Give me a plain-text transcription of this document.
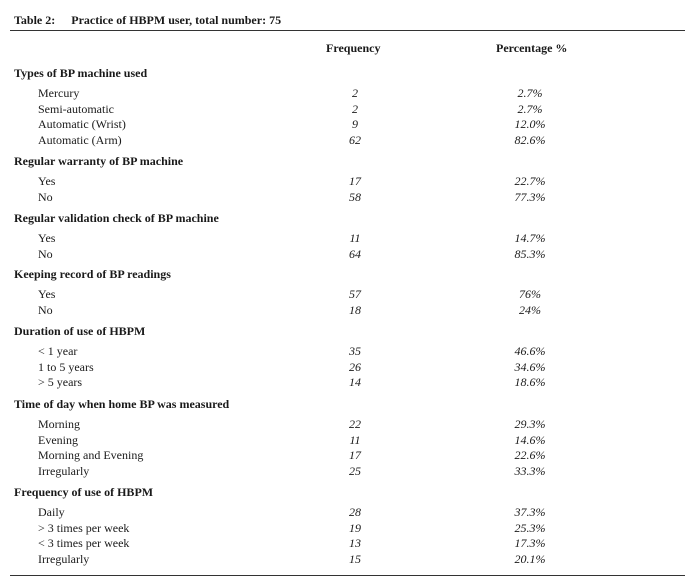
Table 2: Practice of HBPM user, total number: 75
Frequency	Percentage %
Types of BP machine used
Mercury	2	2.7%
Semi-automatic	2	2.7%
Automatic (Wrist)	9	12.0%
Automatic (Arm)	62	82.6%
Regular warranty of BP machine
Yes	17	22.7%
No	58	77.3%
Regular validation check of BP machine
Yes	11	14.7%
No	64	85.3%
Keeping record of BP readings
Yes	57	76%
No	18	24%
Duration of use of HBPM
< 1 year	35	46.6%
1 to 5 years	26	34.6%
> 5 years	14	18.6%
Time of day when home BP was measured
Morning	22	29.3%
Evening	11	14.6%
Morning and Evening	17	22.6%
Irregularly	25	33.3%
Frequency of use of HBPM
Daily	28	37.3%
> 3 times per week	19	25.3%
< 3 times per week	13	17.3%
Irregularly	15	20.1%
